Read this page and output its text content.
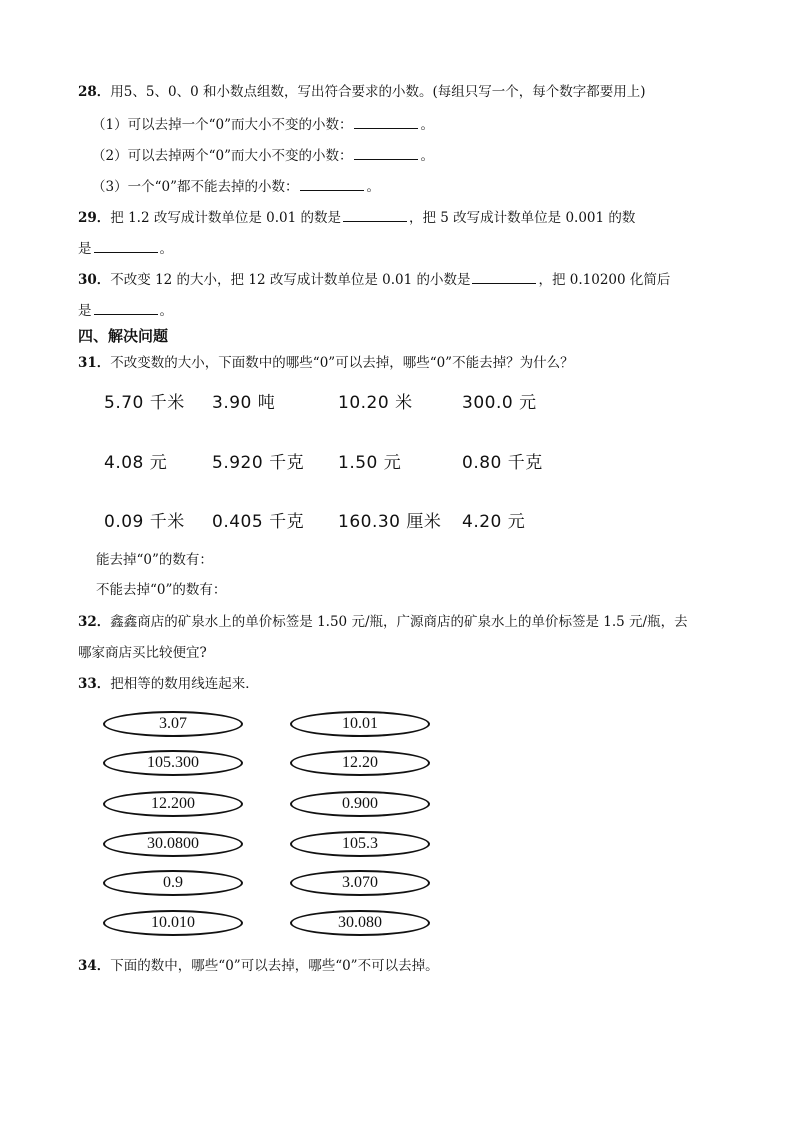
28．用5、5、0、0 和小数点组数，写出符合要求的小数。(每组只写一个，每个数字都要用上)
（1）可以去掉一个“0”而大小不变的小数：	。
（2）可以去掉两个“0”而大小不变的小数：	。
（3）一个“0”都不能去掉的小数：	。
29．把 1.2 改写成计数单位是 0.01 的数是	，把 5 改写成计数单位是 0.001 的数
是	。
30．不改变 12 的大小，把 12 改写成计数单位是 0.01 的小数是	，把 0.10200 化简后
是	。
四、解决问题
31．不改变数的大小，下面数中的哪些“0”可以去掉，哪些“0”不能去掉？为什么？
5.70 千米 3.90 吨	10.20 米	300.0 元
4.08 元	5.920 千克 1.50 元	0.80 千克
0.09 千米 0.405 千克 160.30 厘米 4.20 元
能去掉“0”的数有：
不能去掉“0”的数有：
32．鑫鑫商店的矿泉水上的单价标签是 1.50 元/瓶，广源商店的矿泉水上的单价标签是 1.5 元/瓶，去
哪家商店买比较便宜?
33．把相等的数用线连起来．
3.07
105.300
12.200
30.0800
0.9
10.010
10.01
12.20
0.900
105.3
3.070
30.080
34．下面的数中，哪些“0”可以去掉，哪些“0”不可以去掉。
